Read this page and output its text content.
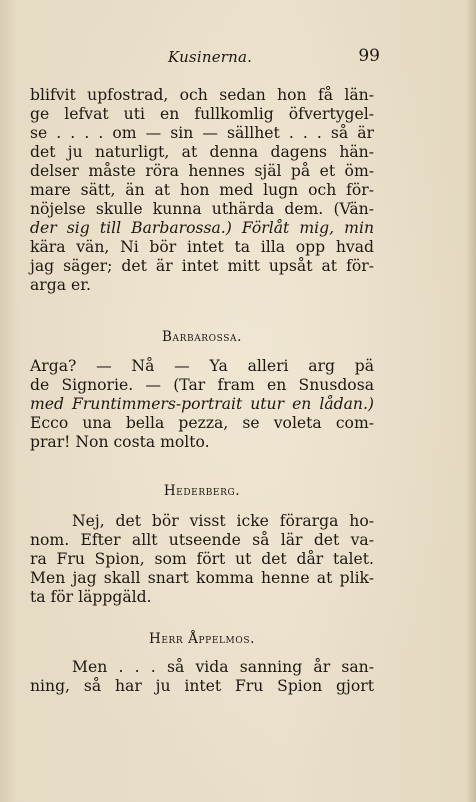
Kusinerna.	99
blifvit upfostrad, och sedan hon få län-
ge lefvat uti en fullkomlig öfvertygel-
se . . . . om — sin — sällhet . . . så är
det ju naturligt, at denna dagens hän-
delser måste röra hennes själ på et öm-
mare sätt, än at hon med lugn och för-
nöjelse skulle kunna uthärda dem. (Vän-
der sig till Barbarossa.) Förlåt mig, min
kära vän, Ni bör intet ta illa opp hvad
jag säger; det är intet mitt upsåt at för-
arga er.
Barbarossa.
Arga? — Nå — Ya alleri arg pä
de Signorie. — (Tar fram en Snusdosa
med Fruntimmers-portrait utur en lådan.)
Ecco una bella pezza, se voleta com-
prar! Non costa molto.
Hederberg.
Nej, det bör visst icke förarga ho-
nom. Efter allt utseende så lär det va-
ra Fru Spion, som fört ut det dår talet.
Men jag skall snart komma henne at plik-
ta för läppgäld.
Herr Åppelmos.
Men . . . så vida sanning år san-
ning, så har ju intet Fru Spion gjort
